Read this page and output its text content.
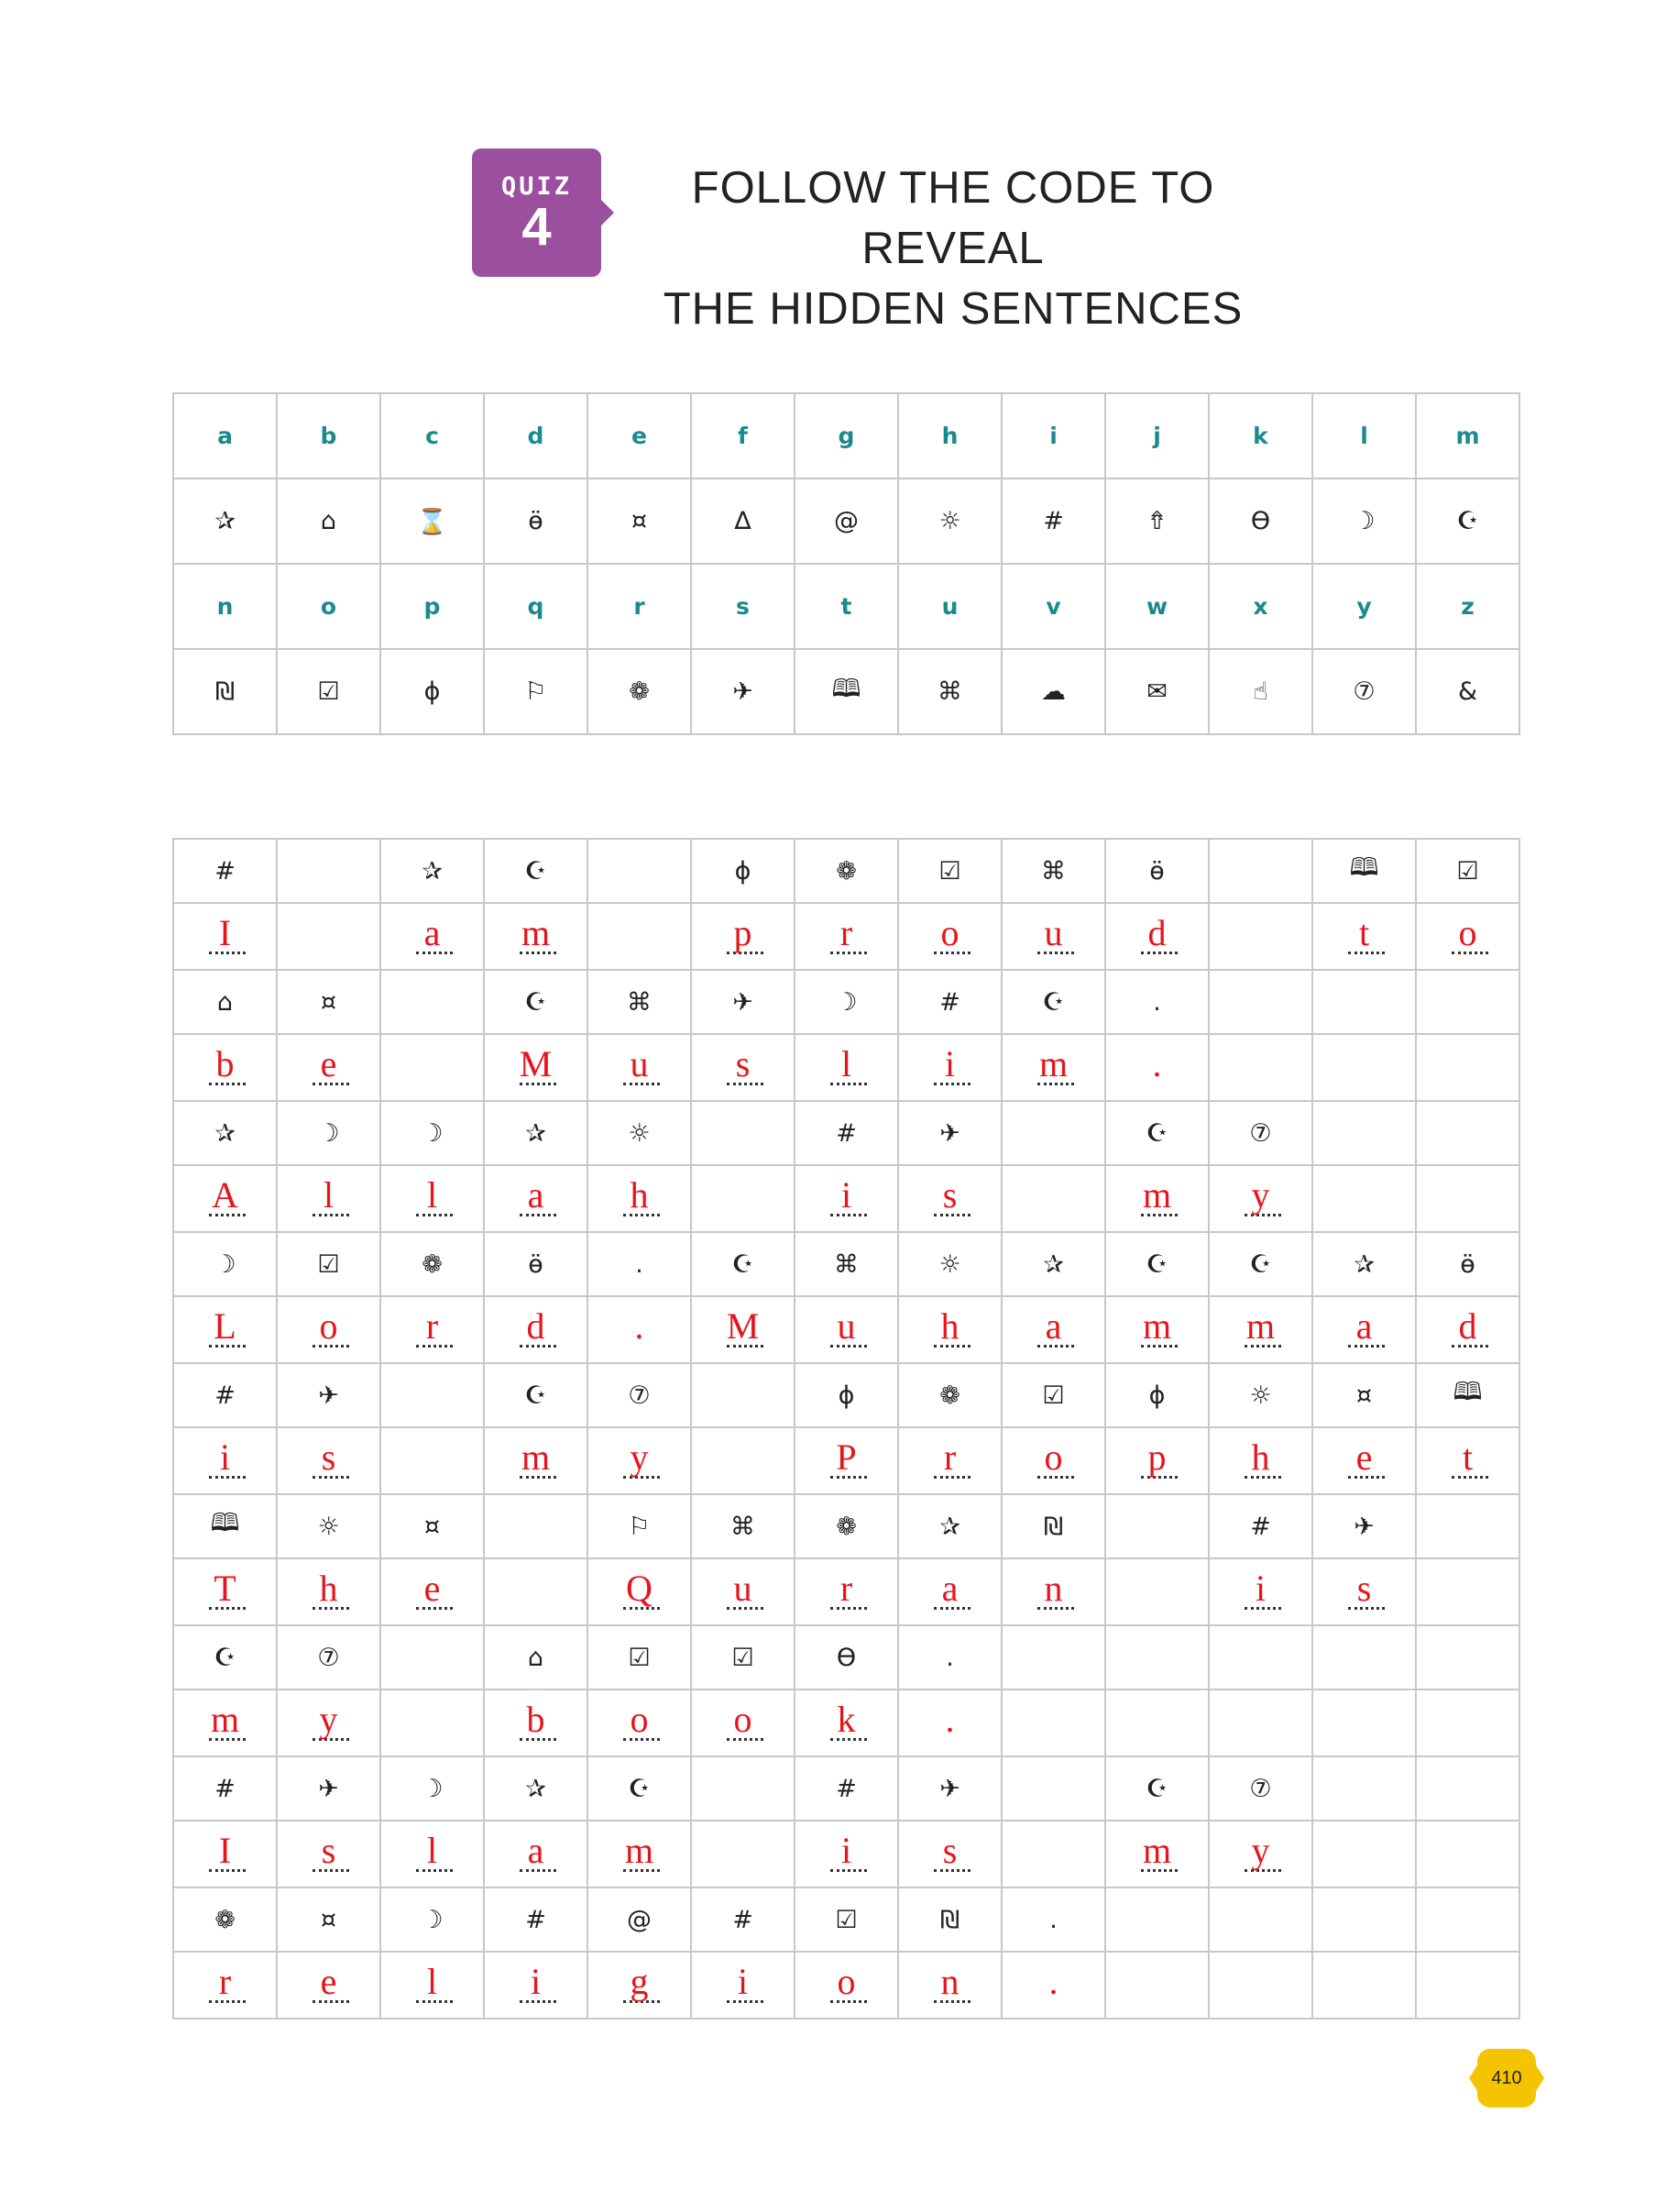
QUIZ
4
FOLLOW THE CODE TO REVEAL
THE HIDDEN SENTENCES
a	b	c	d	e	f	g	h	i	j	k	l	m
✰	⌂	⌛	ӫ	¤	∆	@	☼	#	⇮	ϴ	☽	☪
n	o	p	q	r	s	t	u	v	w	x	y	z
₪	☑	ɸ	⚐	❁	✈	🕮	⌘	☁	✉	☝	⑦	&
#		✰	☪		ɸ	❁	☑	⌘	ӫ		🕮	☑

I		a	m		p	r	o	u	d		t	o

⌂	¤		☪	⌘	✈	☽	#	☪	.			

b	e		M	u	s	l	i	m	.			

✰	☽	☽	✰	☼		#	✈		☪	⑦		

A	l	l	a	h		i	s		m	y		

☽	☑	❁	ӫ	.	☪	⌘	☼	✰	☪	☪	✰	ӫ

L	o	r	d	.	M	u	h	a	m	m	a	d

#	✈		☪	⑦		ɸ	❁	☑	ɸ	☼	¤	🕮

i	s		m	y		P	r	o	p	h	e	t

🕮	☼	¤		⚐	⌘	❁	✰	₪		#	✈	

T	h	e		Q	u	r	a	n		i	s	

☪	⑦		⌂	☑	☑	ϴ	.					

m	y		b	o	o	k	.					

#	✈	☽	✰	☪		#	✈		☪	⑦		

I	s	l	a	m		i	s		m	y		

❁	¤	☽	#	@	#	☑	₪	.				

r	e	l	i	g	i	o	n	.				

410
